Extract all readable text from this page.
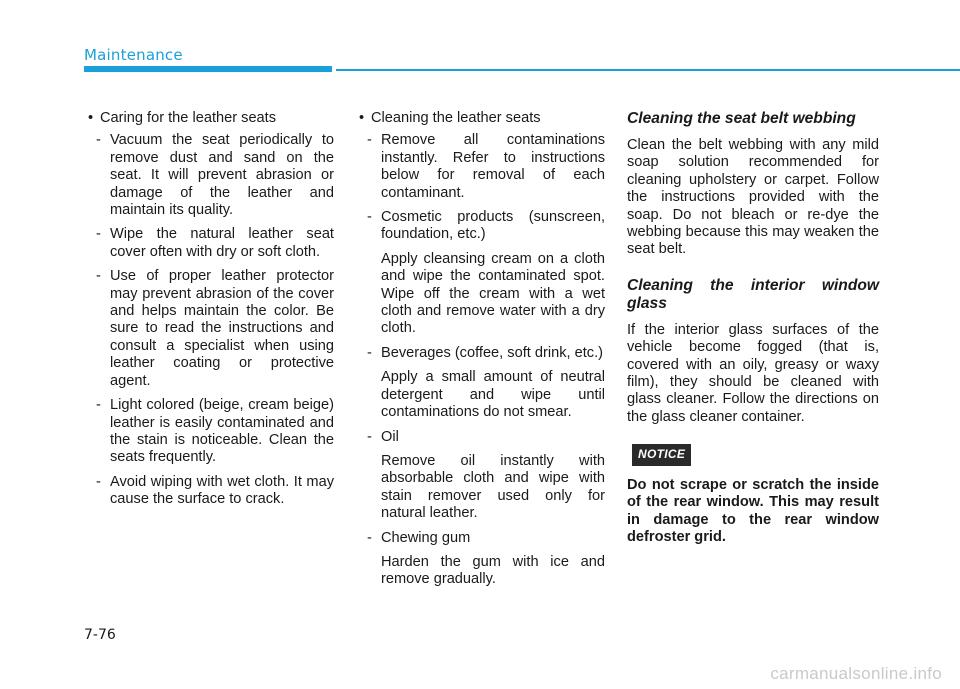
Maintenance
• Caring for the leather seats
- Vacuum the seat periodically to remove dust and sand on the seat. It will prevent abrasion or damage of the leather and maintain its quality.
- Wipe the natural leather seat cover often with dry or soft cloth.
- Use of proper leather protector may prevent abrasion of the cover and helps maintain the color. Be sure to read the instructions and consult a specialist when using leather coating or protective agent.
- Light colored (beige, cream beige) leather is easily contaminated and the stain is noticeable. Clean the seats frequently.
- Avoid wiping with wet cloth. It may cause the surface to crack.
• Cleaning the leather seats
- Remove all contaminations instantly. Refer to instructions below for removal of each contaminant.
- Cosmetic products (sunscreen, foundation, etc.)
Apply cleansing cream on a cloth and wipe the contaminated spot. Wipe off the cream with a wet cloth and remove water with a dry cloth.
- Beverages (coffee, soft drink, etc.)
Apply a small amount of neutral detergent and wipe until contaminations do not smear.
- Oil
Remove oil instantly with absorbable cloth and wipe with stain remover used only for natural leather.
- Chewing gum
Harden the gum with ice and remove gradually.
Cleaning the seat belt webbing

Clean the belt webbing with any mild soap solution recommended for cleaning upholstery or carpet. Follow the instructions provided with the soap. Do not bleach or re-dye the webbing because this may weaken the seat belt.

Cleaning the interior window glass

If the interior glass surfaces of the vehicle become fogged (that is, covered with an oily, greasy or waxy film), they should be cleaned with glass cleaner. Follow the directions on the glass cleaner container.

NOTICE

Do not scrape or scratch the inside of the rear window. This may result in damage to the rear window defroster grid.

7-76
carmanualsonline.info
